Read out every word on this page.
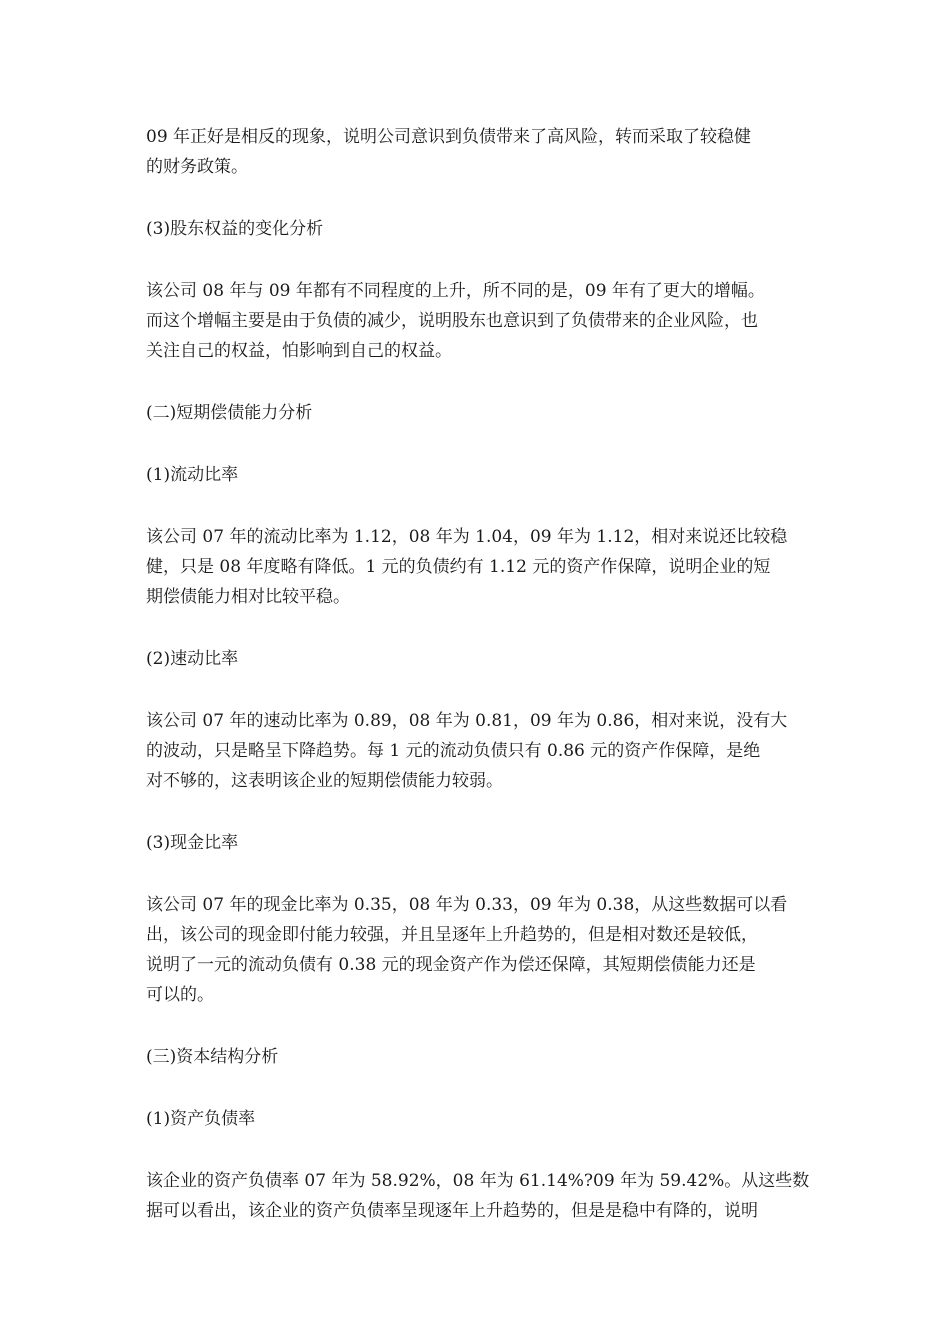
09 年正好是相反的现象，说明公司意识到负债带来了高风险，转而采取了较稳健
的财务政策。

(3)股东权益的变化分析

该公司 08 年与 09 年都有不同程度的上升，所不同的是，09 年有了更大的增幅。
而这个增幅主要是由于负债的减少，说明股东也意识到了负债带来的企业风险，也
关注自己的权益，怕影响到自己的权益。

(二)短期偿债能力分析

(1)流动比率

该公司 07 年的流动比率为 1.12，08 年为 1.04，09 年为 1.12，相对来说还比较稳
健，只是 08 年度略有降低。1 元的负债约有 1.12 元的资产作保障，说明企业的短
期偿债能力相对比较平稳。

(2)速动比率

该公司 07 年的速动比率为 0.89，08 年为 0.81，09 年为 0.86，相对来说，没有大
的波动，只是略呈下降趋势。每 1 元的流动负债只有 0.86 元的资产作保障，是绝
对不够的，这表明该企业的短期偿债能力较弱。

(3)现金比率

该公司 07 年的现金比率为 0.35，08 年为 0.33，09 年为 0.38，从这些数据可以看
出，该公司的现金即付能力较强，并且呈逐年上升趋势的，但是相对数还是较低，
说明了一元的流动负债有 0.38 元的现金资产作为偿还保障，其短期偿债能力还是
可以的。

(三)资本结构分析

(1)资产负债率

该企业的资产负债率 07 年为 58.92%，08 年为 61.14%?09 年为 59.42%。从这些数
据可以看出，该企业的资产负债率呈现逐年上升趋势的，但是是稳中有降的，说明
